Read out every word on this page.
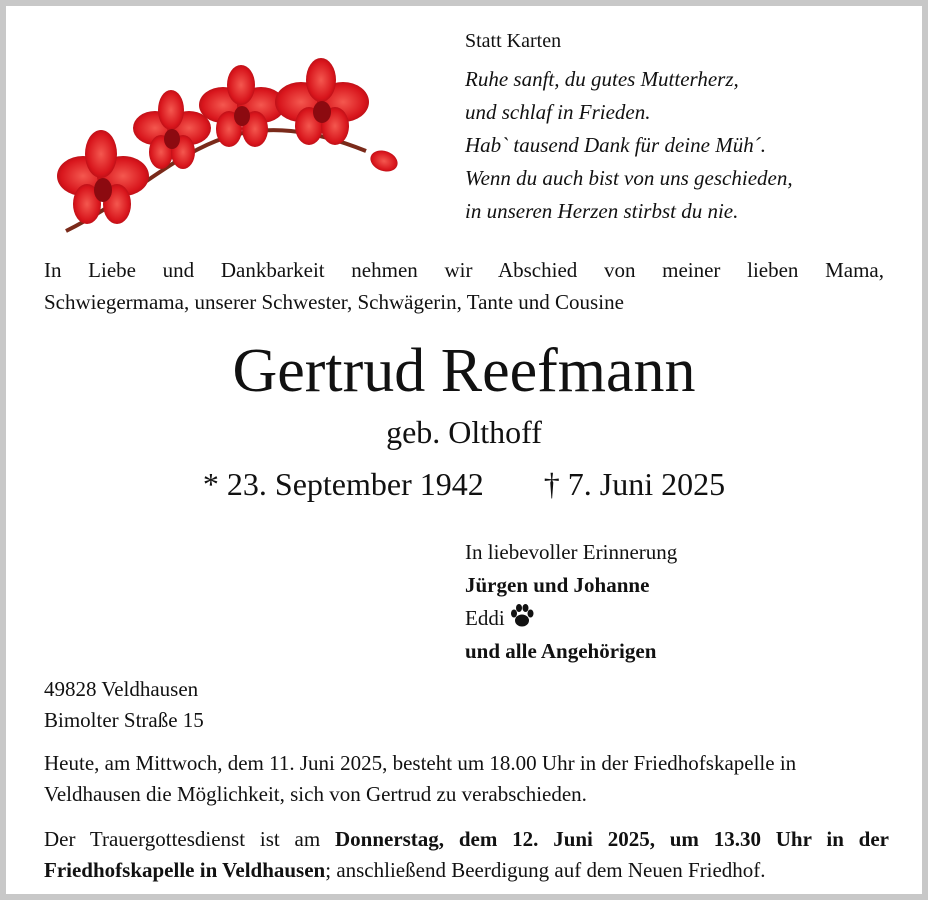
Statt Karten
Ruhe sanft, du gutes Mutterherz,
und schlaf in Frieden.
Hab` tausend Dank für deine Müh´.
Wenn du auch bist von uns geschieden,
in unseren Herzen stirbst du nie.
In Liebe und Dankbarkeit nehmen wir Abschied von meiner lieben Mama,
Schwiegermama, unserer Schwester, Schwägerin, Tante und Cousine
Gertrud Reefmann
geb. Olthoff
* 23. September 1942 † 7. Juni 2025
In liebevoller Erinnerung
Jürgen und Johanne
Eddi
und alle Angehörigen
49828 Veldhausen
Bimolter Straße 15
Heute, am Mittwoch, dem 11. Juni 2025, besteht um 18.00 Uhr in der Friedhofskapelle in Veldhausen die Möglichkeit, sich von Gertrud zu verabschieden.
Der Trauergottesdienst ist am Donnerstag, dem 12. Juni 2025, um 13.30 Uhr in der Friedhofskapelle in Veldhausen; anschließend Beerdigung auf dem Neuen Friedhof.
